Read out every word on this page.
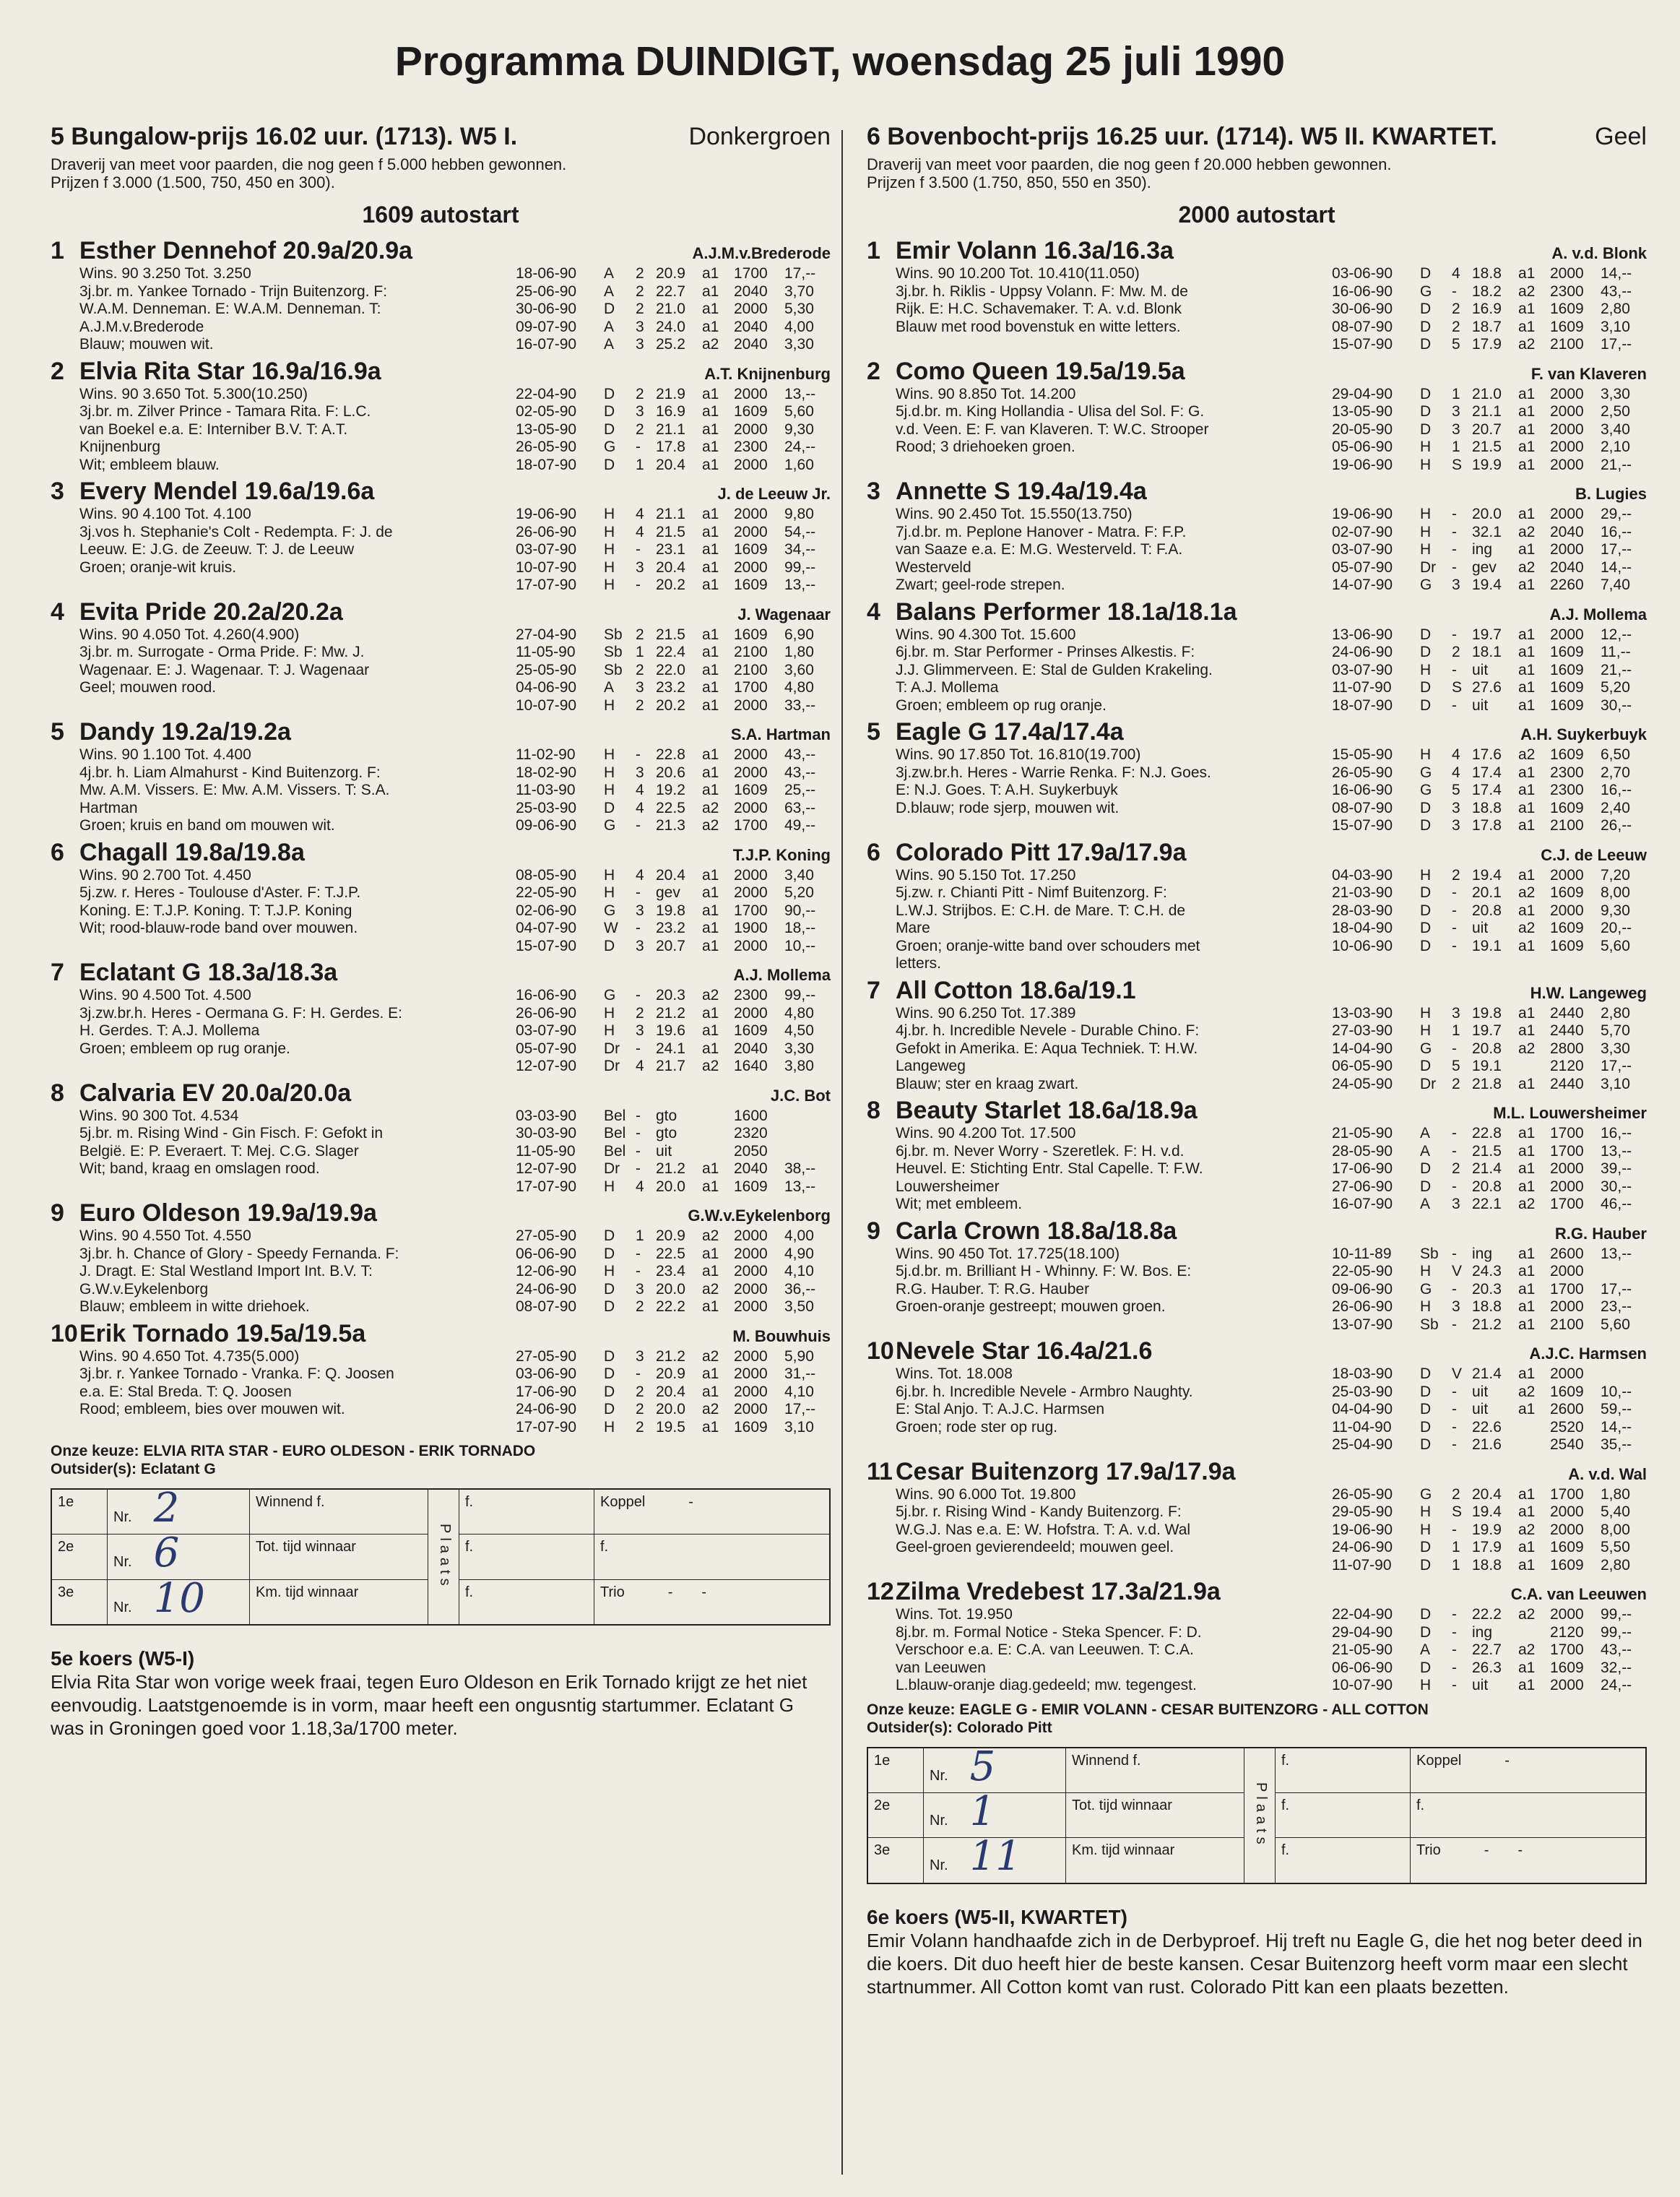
Programma DUINDIGT, woensdag 25 juli 1990
5 Bungalow-prijs 16.02 uur. (1713). W5 I.	Donkergroen
Draverij van meet voor paarden, die nog geen f 5.000 hebben gewonnen.
Prijzen f 3.000 (1.500, 750, 450 en 300).
1609 autostart
1 Esther Dennehof 20.9a/20.9a	A.J.M.v.Brederode
Wins. 90 3.250 Tot. 3.250
3j.br. m. Yankee Tornado - Trijn Buitenzorg. F:
W.A.M. Denneman. E: W.A.M. Denneman. T:
A.J.M.v.Brederode
Blauw; mouwen wit.
18-06-90	A	2 20.9	a1 1700	17,--
25-06-90	A	2 22.7	a1 2040	3,70
30-06-90	D	2 21.0	a1 2000	5,30
09-07-90	A	3 24.0	a1 2040	4,00
16-07-90	A	3 25.2	a2 2040	3,30
2 Elvia Rita Star 16.9a/16.9a	A.T. Knijnenburg
Wins. 90 3.650 Tot. 5.300(10.250)
3j.br. m. Zilver Prince - Tamara Rita. F: L.C.
van Boekel e.a. E: Interniber B.V. T: A.T.
Knijnenburg
Wit; embleem blauw.
22-04-90	D	2 21.9	a1 2000	13,--
02-05-90	D	3 16.9	a1 1609	5,60
13-05-90	D	2 21.1	a1 2000	9,30
26-05-90	G	-	17.8	a1 2300	24,--
18-07-90	D	1 20.4	a1 2000	1,60
3 Every Mendel 19.6a/19.6a	J. de Leeuw Jr.
Wins. 90 4.100 Tot. 4.100
3j.vos h. Stephanie's Colt - Redempta. F: J. de
Leeuw. E: J.G. de Zeeuw. T: J. de Leeuw
Groen; oranje-wit kruis.
19-06-90	H	4 21.1	a1 2000	9,80
26-06-90	H	4 21.5	a1 2000	54,--
03-07-90	H	-	23.1	a1 1609	34,--
10-07-90	H	3 20.4	a1 2000	99,--
17-07-90	H	-	20.2	a1 1609	13,--
4 Evita Pride 20.2a/20.2a	J. Wagenaar
Wins. 90 4.050 Tot. 4.260(4.900)
3j.br. m. Surrogate - Orma Pride. F: Mw. J.
Wagenaar. E: J. Wagenaar. T: J. Wagenaar
Geel; mouwen rood.
27-04-90	Sb 2 21.5	a1 1609	6,90
11-05-90	Sb 1 22.4	a1 2100	1,80
25-05-90	Sb 2 22.0	a1 2100	3,60
04-06-90	A	3 23.2	a1 1700	4,80
10-07-90	H	2 20.2	a1 2000	33,--
5 Dandy 19.2a/19.2a	S.A. Hartman
Wins. 90 1.100 Tot. 4.400
4j.br. h. Liam Almahurst - Kind Buitenzorg. F:
Mw. A.M. Vissers. E: Mw. A.M. Vissers. T: S.A.
Hartman
Groen; kruis en band om mouwen wit.
11-02-90	H	-	22.8	a1 2000	43,--
18-02-90	H	3 20.6	a1 2000	43,--
11-03-90	H	4 19.2	a1 1609	25,--
25-03-90	D	4 22.5	a2 2000	63,--
09-06-90	G	-	21.3	a2 1700	49,--
6 Chagall 19.8a/19.8a	T.J.P. Koning
Wins. 90 2.700 Tot. 4.450
5j.zw. r. Heres - Toulouse d'Aster. F: T.J.P.
Koning. E: T.J.P. Koning. T: T.J.P. Koning
Wit; rood-blauw-rode band over mouwen.
08-05-90	H	4 20.4	a1 2000	3,40
22-05-90	H	-	gev	a1 2000	5,20
02-06-90	G	3 19.8	a1 1700	90,--
04-07-90	W	-	23.2	a1 1900	18,--
15-07-90	D	3 20.7	a1 2000	10,--
7 Eclatant G 18.3a/18.3a	A.J. Mollema
Wins. 90 4.500 Tot. 4.500
3j.zw.br.h. Heres - Oermana G. F: H. Gerdes. E:
H. Gerdes. T: A.J. Mollema
Groen; embleem op rug oranje.
16-06-90	G	-	20.3	a2 2300	99,--
26-06-90	H	2 21.2	a1 2000	4,80
03-07-90	H	3 19.6	a1 1609	4,50
05-07-90	Dr	-	24.1	a1 2040	3,30
12-07-90	Dr	4 21.7	a2 1640	3,80
8 Calvaria EV 20.0a/20.0a	J.C. Bot
Wins. 90 300 Tot. 4.534
5j.br. m. Rising Wind - Gin Fisch. F: Gefokt in
België. E: P. Everaert. T: Mej. C.G. Slager
Wit; band, kraag en omslagen rood.
03-03-90	Bel -	gto	1600
30-03-90	Bel -	gto	2320
11-05-90	Bel -	uit	2050
12-07-90	Dr	-	21.2	a1 2040	38,--
17-07-90	H	4 20.0	a1 1609	13,--
9 Euro Oldeson 19.9a/19.9a	G.W.v.Eykelenborg
Wins. 90 4.550 Tot. 4.550
3j.br. h. Chance of Glory - Speedy Fernanda. F:
J. Dragt. E: Stal Westland Import Int. B.V. T:
G.W.v.Eykelenborg
Blauw; embleem in witte driehoek.
27-05-90	D	1 20.9	a2 2000	4,00
06-06-90	D	-	22.5	a1 2000	4,90
12-06-90	H	-	23.4	a1 2000	4,10
24-06-90	D	3 20.0	a2 2000	36,--
08-07-90	D	2 22.2	a1 2000	3,50
10 Erik Tornado 19.5a/19.5a	M. Bouwhuis
Wins. 90 4.650 Tot. 4.735(5.000)
3j.br. r. Yankee Tornado - Vranka. F: Q. Joosen
e.a. E: Stal Breda. T: Q. Joosen
Rood; embleem, bies over mouwen wit.
27-05-90	D	3 21.2	a2 2000	5,90
03-06-90	D	-	20.9	a1 2000	31,--
17-06-90	D	2 20.4	a1 2000	4,10
24-06-90	D	2 20.0	a2 2000	17,--
17-07-90	H	2 19.5	a1 1609	3,10
Onze keuze: ELVIA RITA STAR - EURO OLDESON - ERIK TORNADO
Outsider(s): Eclatant G
1e	Nr. 2	Winnend f.	Plaats	f.	Koppel -
2e	Nr. 6	Tot. tijd winnaar		f.	f.
3e	Nr. 10	Km. tijd winnaar		f.	Trio - -
5e koers (W5-I)
Elvia Rita Star won vorige week fraai, tegen Euro Oldeson en Erik Tornado krijgt ze het niet eenvoudig. Laatstgenoemde is in vorm, maar heeft een ongusntig startummer. Eclatant G was in Groningen goed voor 1.18,3a/1700 meter.
6 Bovenbocht-prijs 16.25 uur. (1714). W5 II. KWARTET.	Geel
Draverij van meet voor paarden, die nog geen f 20.000 hebben gewonnen.
Prijzen f 3.500 (1.750, 850, 550 en 350).
2000 autostart
1 Emir Volann 16.3a/16.3a	A. v.d. Blonk
Wins. 90 10.200 Tot. 10.410(11.050)
3j.br. h. Riklis - Uppsy Volann. F: Mw. M. de
Rijk. E: H.C. Schavemaker. T: A. v.d. Blonk
Blauw met rood bovenstuk en witte letters.
03-06-90	D	4 18.8	a1 2000	14,--
16-06-90	G	-	18.2	a2 2300	43,--
30-06-90	D	2 16.9	a1 1609	2,80
08-07-90	D	2 18.7	a1 1609	3,10
15-07-90	D	5 17.9	a2 2100	17,--
2 Como Queen 19.5a/19.5a	F. van Klaveren
Wins. 90 8.850 Tot. 14.200
5j.d.br. m. King Hollandia - Ulisa del Sol. F: G.
v.d. Veen. E: F. van Klaveren. T: W.C. Strooper
Rood; 3 driehoeken groen.
29-04-90	D	1 21.0	a1 2000	3,30
13-05-90	D	3 21.1	a1 2000	2,50
20-05-90	D	3 20.7	a1 2000	3,40
05-06-90	H	1 21.5	a1 2000	2,10
19-06-90	H	S 19.9	a1 2000	21,--
3 Annette S 19.4a/19.4a	B. Lugies
Wins. 90 2.450 Tot. 15.550(13.750)
7j.d.br. m. Peplone Hanover - Matra. F: F.P.
van Saaze e.a. E: M.G. Westerveld. T: F.A.
Westerveld
Zwart; geel-rode strepen.
19-06-90	H	-	20.0	a1 2000	29,--
02-07-90	H	-	32.1	a2 2040	16,--
03-07-90	H	-	ing	a1 2000	17,--
05-07-90	Dr	-	gev	a2 2040	14,--
14-07-90	G	3 19.4	a1 2260	7,40
4 Balans Performer 18.1a/18.1a	A.J. Mollema
Wins. 90 4.300 Tot. 15.600
6j.br. m. Star Performer - Prinses Alkestis. F:
J.J. Glimmerveen. E: Stal de Gulden Krakeling.
T: A.J. Mollema
Groen; embleem op rug oranje.
13-06-90	D	-	19.7	a1 2000	12,--
24-06-90	D	2 18.1	a1 1609	11,--
03-07-90	H	-	uit	a1 1609	21,--
11-07-90	D	S 27.6	a1 1609	5,20
18-07-90	D	-	uit	a1 1609	30,--
5 Eagle G 17.4a/17.4a	A.H. Suykerbuyk
Wins. 90 17.850 Tot. 16.810(19.700)
3j.zw.br.h. Heres - Warrie Renka. F: N.J. Goes.
E: N.J. Goes. T: A.H. Suykerbuyk
D.blauw; rode sjerp, mouwen wit.
15-05-90	H	4 17.6	a2 1609	6,50
26-05-90	G	4 17.4	a1 2300	2,70
16-06-90	G	5 17.4	a1 2300	16,--
08-07-90	D	3 18.8	a1 1609	2,40
15-07-90	D	3 17.8	a1 2100	26,--
6 Colorado Pitt 17.9a/17.9a	C.J. de Leeuw
Wins. 90 5.150 Tot. 17.250
5j.zw. r. Chianti Pitt - Nimf Buitenzorg. F:
L.W.J. Strijbos. E: C.H. de Mare. T: C.H. de
Mare
Groen; oranje-witte band over schouders met
letters.
04-03-90	H	2 19.4	a1 2000	7,20
21-03-90	D	-	20.1	a2 1609	8,00
28-03-90	D	-	20.8	a1 2000	9,30
18-04-90	D	-	uit	a2 1609	20,--
10-06-90	D	-	19.1	a1 1609	5,60
7 All Cotton 18.6a/19.1	H.W. Langeweg
Wins. 90 6.250 Tot. 17.389
4j.br. h. Incredible Nevele - Durable Chino. F:
Gefokt in Amerika. E: Aqua Techniek. T: H.W.
Langeweg
Blauw; ster en kraag zwart.
13-03-90	H	3 19.8	a1 2440	2,80
27-03-90	H	1 19.7	a1 2440	5,70
14-04-90	G	-	20.8	a2 2800	3,30
06-05-90	D	5 19.1	2120	17,--
24-05-90	Dr	2 21.8	a1 2440	3,10
8 Beauty Starlet 18.6a/18.9a	M.L. Louwersheimer
Wins. 90 4.200 Tot. 17.500
6j.br. m. Never Worry - Szeretlek. F: H. v.d.
Heuvel. E: Stichting Entr. Stal Capelle. T: F.W.
Louwersheimer
Wit; met embleem.
21-05-90	A	-	22.8	a1 1700	16,--
28-05-90	A	-	21.5	a1 1700	13,--
17-06-90	D	2 21.4	a1 2000	39,--
27-06-90	D	-	20.8	a1 2000	30,--
16-07-90	A	3 22.1	a2 1700	46,--
9 Carla Crown 18.8a/18.8a	R.G. Hauber
Wins. 90 450 Tot. 17.725(18.100)
5j.d.br. m. Brilliant H - Whinny. F: W. Bos. E:
R.G. Hauber. T: R.G. Hauber
Groen-oranje gestreept; mouwen groen.
10-11-89	Sb -	ing	a1 2600	13,--
22-05-90	H	V 24.3	a1 2000
09-06-90	G	-	20.3	a1 1700	17,--
26-06-90	H	3 18.8	a1 2000	23,--
13-07-90	Sb -	21.2	a1 2100	5,60
10 Nevele Star 16.4a/21.6	A.J.C. Harmsen
Wins. Tot. 18.008
6j.br. h. Incredible Nevele - Armbro Naughty.
E: Stal Anjo. T: A.J.C. Harmsen
Groen; rode ster op rug.
18-03-90	D	V 21.4	a1 2000
25-03-90	D	-	uit	a2 1609	10,--
04-04-90	D	-	uit	a1 2600	59,--
11-04-90	D	-	22.6	2520	14,--
25-04-90	D	-	21.6	2540	35,--
11 Cesar Buitenzorg 17.9a/17.9a	A. v.d. Wal
Wins. 90 6.000 Tot. 19.800
5j.br. r. Rising Wind - Kandy Buitenzorg. F:
W.G.J. Nas e.a. E: W. Hofstra. T: A. v.d. Wal
Geel-groen gevierendeeld; mouwen geel.
26-05-90	G	2 20.4	a1 1700	1,80
29-05-90	H	S 19.4	a1 2000	5,40
19-06-90	H	-	19.9	a2 2000	8,00
24-06-90	D	1 17.9	a1 1609	5,50
11-07-90	D	1 18.8	a1 1609	2,80
12 Zilma Vredebest 17.3a/21.9a	C.A. van Leeuwen
Wins. Tot. 19.950
8j.br. m. Formal Notice - Steka Spencer. F: D.
Verschoor e.a. E: C.A. van Leeuwen. T: C.A.
van Leeuwen
L.blauw-oranje diag.gedeeld; mw. tegengest.
22-04-90	D	-	22.2	a2 2000	99,--
29-04-90	D	-	ing	2120	99,--
21-05-90	A	-	22.7	a2 1700	43,--
06-06-90	D	-	26.3	a1 1609	32,--
10-07-90	H	-	uit	a1 2000	24,--
Onze keuze: EAGLE G - EMIR VOLANN - CESAR BUITENZORG - ALL COTTON
Outsider(s): Colorado Pitt
1e	Nr. 5	Winnend f.	Plaats	f.	Koppel -
2e	Nr. 1	Tot. tijd winnaar		f.	f.
3e	Nr. 11	Km. tijd winnaar		f.	Trio - -
6e koers (W5-II, KWARTET)
Emir Volann handhaafde zich in de Derbyproef. Hij treft nu Eagle G, die het nog beter deed in die koers. Dit duo heeft hier de beste kansen. Cesar Buitenzorg heeft vorm maar een slecht startnummer. All Cotton komt van rust. Colorado Pitt kan een plaats bezetten.
